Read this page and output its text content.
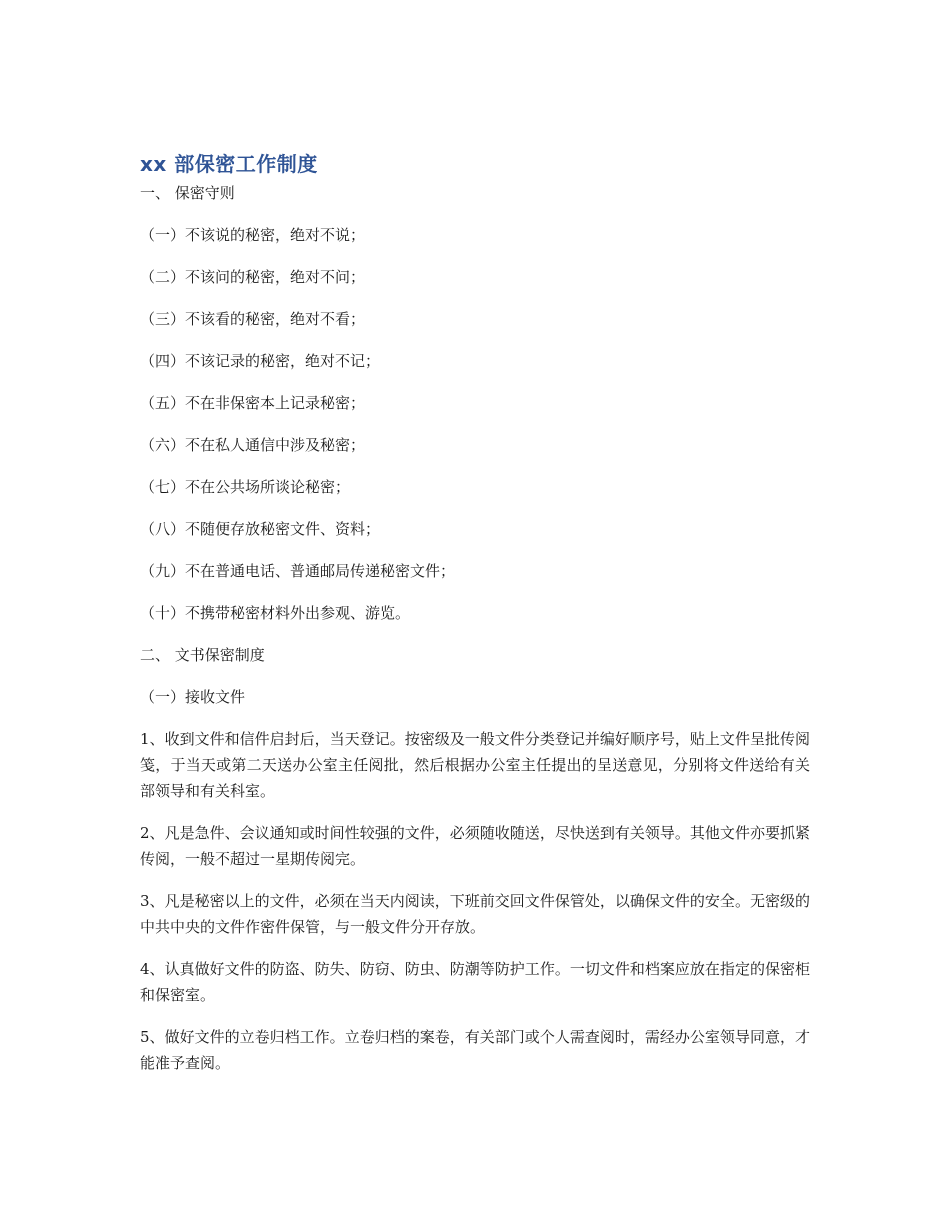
xx 部保密工作制度

一、 保密守则

（一）不该说的秘密，绝对不说；

（二）不该问的秘密，绝对不问；

（三）不该看的秘密，绝对不看；

（四）不该记录的秘密，绝对不记；

（五）不在非保密本上记录秘密；

（六）不在私人通信中涉及秘密；

（七）不在公共场所谈论秘密；

（八）不随便存放秘密文件、资料；

（九）不在普通电话、普通邮局传递秘密文件；

（十）不携带秘密材料外出参观、游览。

二、 文书保密制度

（一）接收文件

1、收到文件和信件启封后，当天登记。按密级及一般文件分类登记并编好顺序号，贴上文件呈批传阅笺，于当天或第二天送办公室主任阅批，然后根据办公室主任提出的呈送意见，分别将文件送给有关部领导和有关科室。

2、凡是急件、会议通知或时间性较强的文件，必须随收随送，尽快送到有关领导。其他文件亦要抓紧传阅，一般不超过一星期传阅完。

3、凡是秘密以上的文件，必须在当天内阅读，下班前交回文件保管处，以确保文件的安全。无密级的中共中央的文件作密件保管，与一般文件分开存放。

4、认真做好文件的防盗、防失、防窃、防虫、防潮等防护工作。一切文件和档案应放在指定的保密柜和保密室。

5、做好文件的立卷归档工作。立卷归档的案卷，有关部门或个人需查阅时，需经办公室领导同意，才能准予查阅。
